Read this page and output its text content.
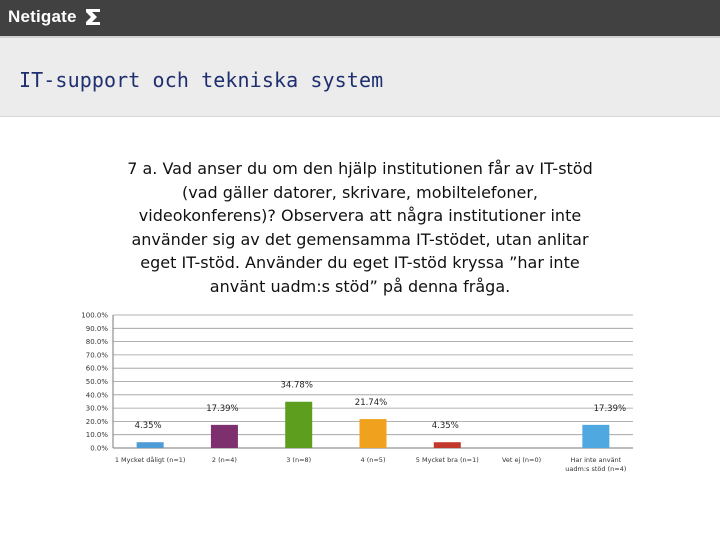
Netigate
IT-support och tekniska system
7 a. Vad anser du om den hjälp institutionen får av IT-stöd (vad gäller datorer, skrivare, mobiltelefoner, videokonferens)? Observera att några institutioner inte använder sig av det gemensamma IT-stödet, utan anlitar eget IT-stöd. Använder du eget IT-stöd kryssa ”har inte använt uadm:s stöd” på denna fråga.
0.0%
10.0%
20.0%
30.0%
40.0%
50.0%
60.0%
70.0%
80.0%
90.0%
100.0%
4.35%
1 Mycket dåligt (n=1)
17.39%
2 (n=4)
34.78%
3 (n=8)
21.74%
4 (n=5)
4.35%
5 Mycket bra (n=1)	Vet ej (n=0)
17.39%
Har inte använt
uadm:s stöd (n=4)
